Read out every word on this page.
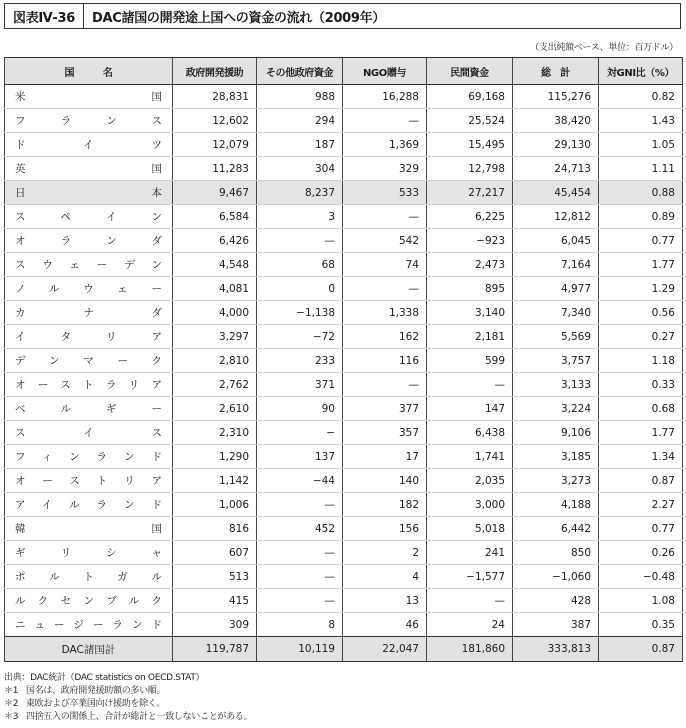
図表Ⅳ-36	DAC諸国の開発途上国への資金の流れ（2009年）
（支出純額ベース、単位：百万ドル）
国　　　名	政府開発援助	その他政府資金	NGO贈与	民間資金	総　計	対GNI比（%）
米国	28,831	988	16,288	69,168	115,276	0.82
フランス	12,602	294	—	25,524	38,420	1.43
ドイツ	12,079	187	1,369	15,495	29,130	1.05
英国	11,283	304	329	12,798	24,713	1.11
日本	9,467	8,237	533	27,217	45,454	0.88
スペイン	6,584	3	—	6,225	12,812	0.89
オランダ	6,426	—	542	−923	6,045	0.77
スウェーデン	4,548	68	74	2,473	7,164	1.77
ノルウェー	4,081	0	—	895	4,977	1.29
カナダ	4,000	−1,138	1,338	3,140	7,340	0.56
イタリア	3,297	−72	162	2,181	5,569	0.27
デンマーク	2,810	233	116	599	3,757	1.18
オーストラリア	2,762	371	—	—	3,133	0.33
ベルギー	2,610	90	377	147	3,224	0.68
スイス	2,310	−	357	6,438	9,106	1.77
フィンランド	1,290	137	17	1,741	3,185	1.34
オーストリア	1,142	−44	140	2,035	3,273	0.87
アイルランド	1,006	—	182	3,000	4,188	2.27
韓国	816	452	156	5,018	6,442	0.77
ギリシャ	607	—	2	241	850	0.26
ポルトガル	513	—	4	−1,577	−1,060	−0.48
ルクセンブルク	415	—	13	—	428	1.08
ニュージーランド	309	8	46	24	387	0.35
DAC諸国計	119,787	10,119	22,047	181,860	333,813	0.87
出典： DAC統計（DAC statistics on OECD.STAT）
＊1 国名は、政府開発援助額の多い順。
＊2 東欧および卒業国向け援助を除く。
＊3 四捨五入の関係上、合計が総計と一致しないことがある。
